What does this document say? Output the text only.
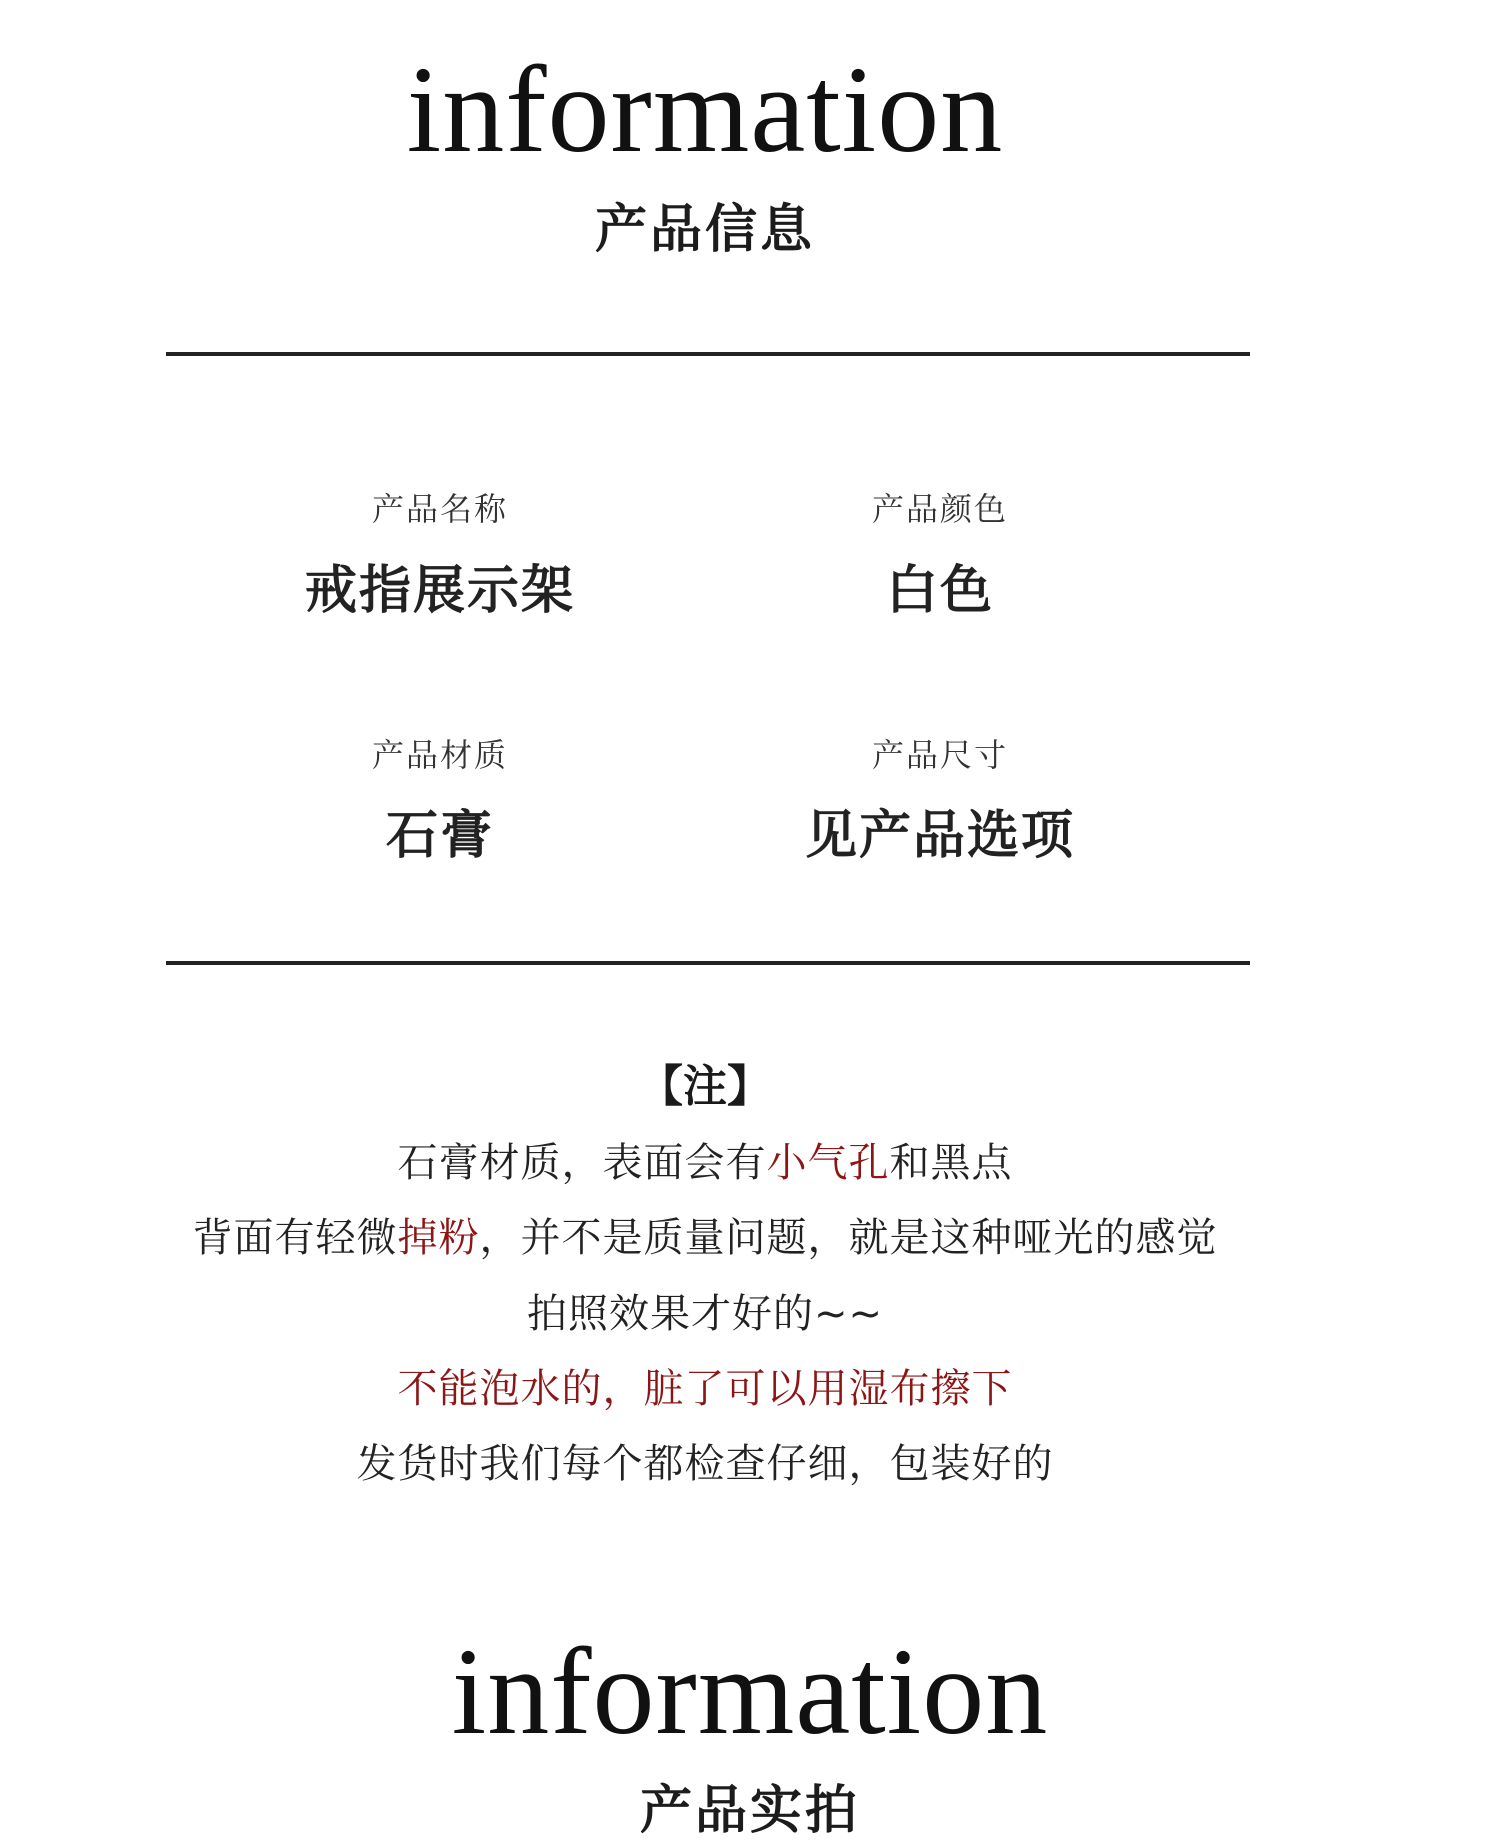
information
产品信息
产品名称
戒指展示架
产品颜色
白色
产品材质
石膏
产品尺寸
见产品选项
【注】
石膏材质，表面会有小气孔和黑点
背面有轻微掉粉，并不是质量问题，就是这种哑光的感觉
拍照效果才好的~~
不能泡水的，脏了可以用湿布擦下
发货时我们每个都检查仔细，包装好的
information
产品实拍
